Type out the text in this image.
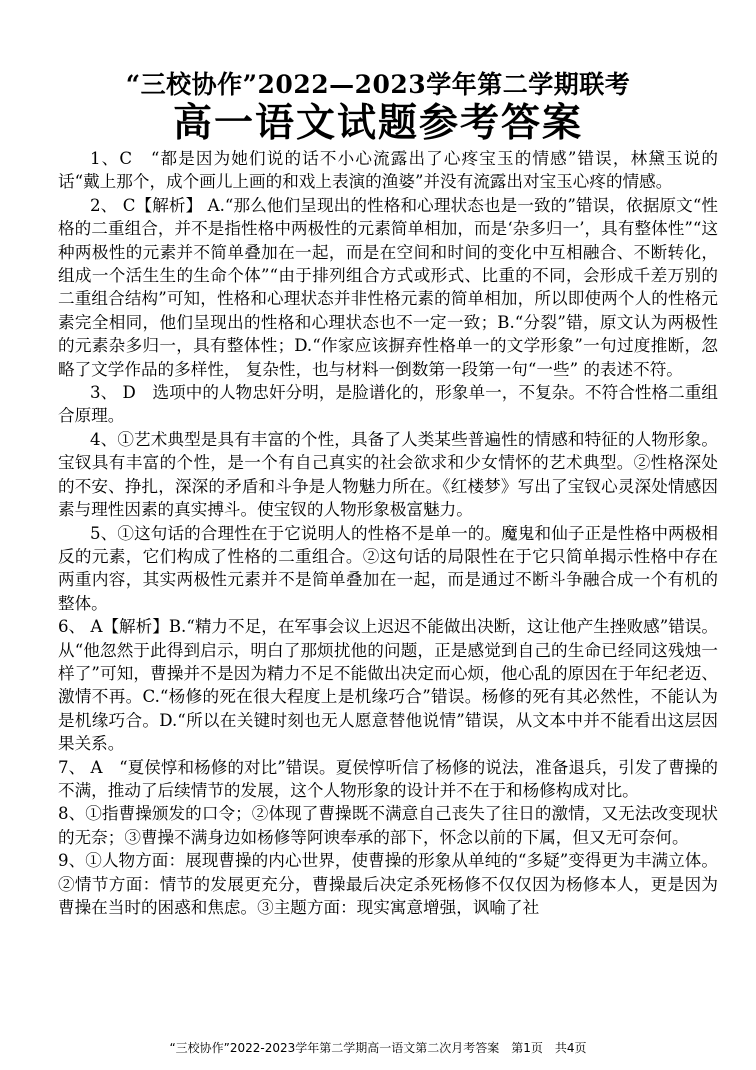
“三校协作”2022—2023学年第二学期联考
高一语文试题参考答案

1、C　“都是因为她们说的话不小心流露出了心疼宝玉的情感”错误，林黛玉说的话“戴上那个，成个画儿上画的和戏上表演的渔婆”并没有流露出对宝玉心疼的情感。

2、 C【解析】 A.“那么他们呈现出的性格和心理状态也是一致的”错误，依据原文“性格的二重组合，并不是指性格中两极性的元素简单相加，而是‘杂多归一’，具有整体性”“这种两极性的元素并不简单叠加在一起，而是在空间和时间的变化中互相融合、不断转化，组成一个活生生的生命个体”“由于排列组合方式或形式、比重的不同，会形成千差万别的二重组合结构”可知，性格和心理状态并非性格元素的简单相加，所以即使两个人的性格元素完全相同，他们呈现出的性格和心理状态也不一定一致；B.“分裂”错，原文认为两极性的元素杂多归一，具有整体性；D.“作家应该摒弃性格单一的文学形象”一句过度推断，忽略了文学作品的多样性， 复杂性，也与材料一倒数第一段第一句“一些” 的表述不符。

3、 D　选项中的人物忠奸分明，是脸谱化的，形象单一，不复杂。不符合性格二重组合原理。

4、①艺术典型是具有丰富的个性，具备了人类某些普遍性的情感和特征的人物形象。宝钗具有丰富的个性，是一个有自己真实的社会欲求和少女情怀的艺术典型。②性格深处的不安、挣扎，深深的矛盾和斗争是人物魅力所在。《红楼梦》写出了宝钗心灵深处情感因素与理性因素的真实搏斗。使宝钗的人物形象极富魅力。

5、①这句话的合理性在于它说明人的性格不是单一的。魔鬼和仙子正是性格中两极相反的元素，它们构成了性格的二重组合。②这句话的局限性在于它只简单揭示性格中存在两重内容，其实两极性元素并不是简单叠加在一起，而是通过不断斗争融合成一个有机的整体。

6、 A【解析】B.“精力不足，在军事会议上迟迟不能做出决断，这让他产生挫败感”错误。从“他忽然于此得到启示，明白了那烦扰他的问题，正是感觉到自己的生命已经同这残烛一样了”可知，曹操并不是因为精力不足不能做出决定而心烦，他心乱的原因在于年纪老迈、激情不再。C.“杨修的死在很大程度上是机缘巧合”错误。杨修的死有其必然性，不能认为是机缘巧合。D.“所以在关键时刻也无人愿意替他说情”错误，从文本中并不能看出这层因果关系。

7、 A　“夏侯惇和杨修的对比”错误。夏侯惇听信了杨修的说法，准备退兵，引发了曹操的不满，推动了后续情节的发展，这个人物形象的设计并不在于和杨修构成对比。

8、①指曹操颁发的口令；②体现了曹操既不满意自己丧失了往日的激情，又无法改变现状的无奈；③曹操不满身边如杨修等阿谀奉承的部下，怀念以前的下属，但又无可奈何。

9、①人物方面：展现曹操的内心世界，使曹操的形象从单纯的“多疑”变得更为丰满立体。②情节方面：情节的发展更充分，曹操最后决定杀死杨修不仅仅因为杨修本人，更是因为曹操在当时的困惑和焦虑。③主题方面：现实寓意增强，讽喻了社

“三校协作”2022-2023学年第二学期高一语文第二次月考答案　第1页　共4页
